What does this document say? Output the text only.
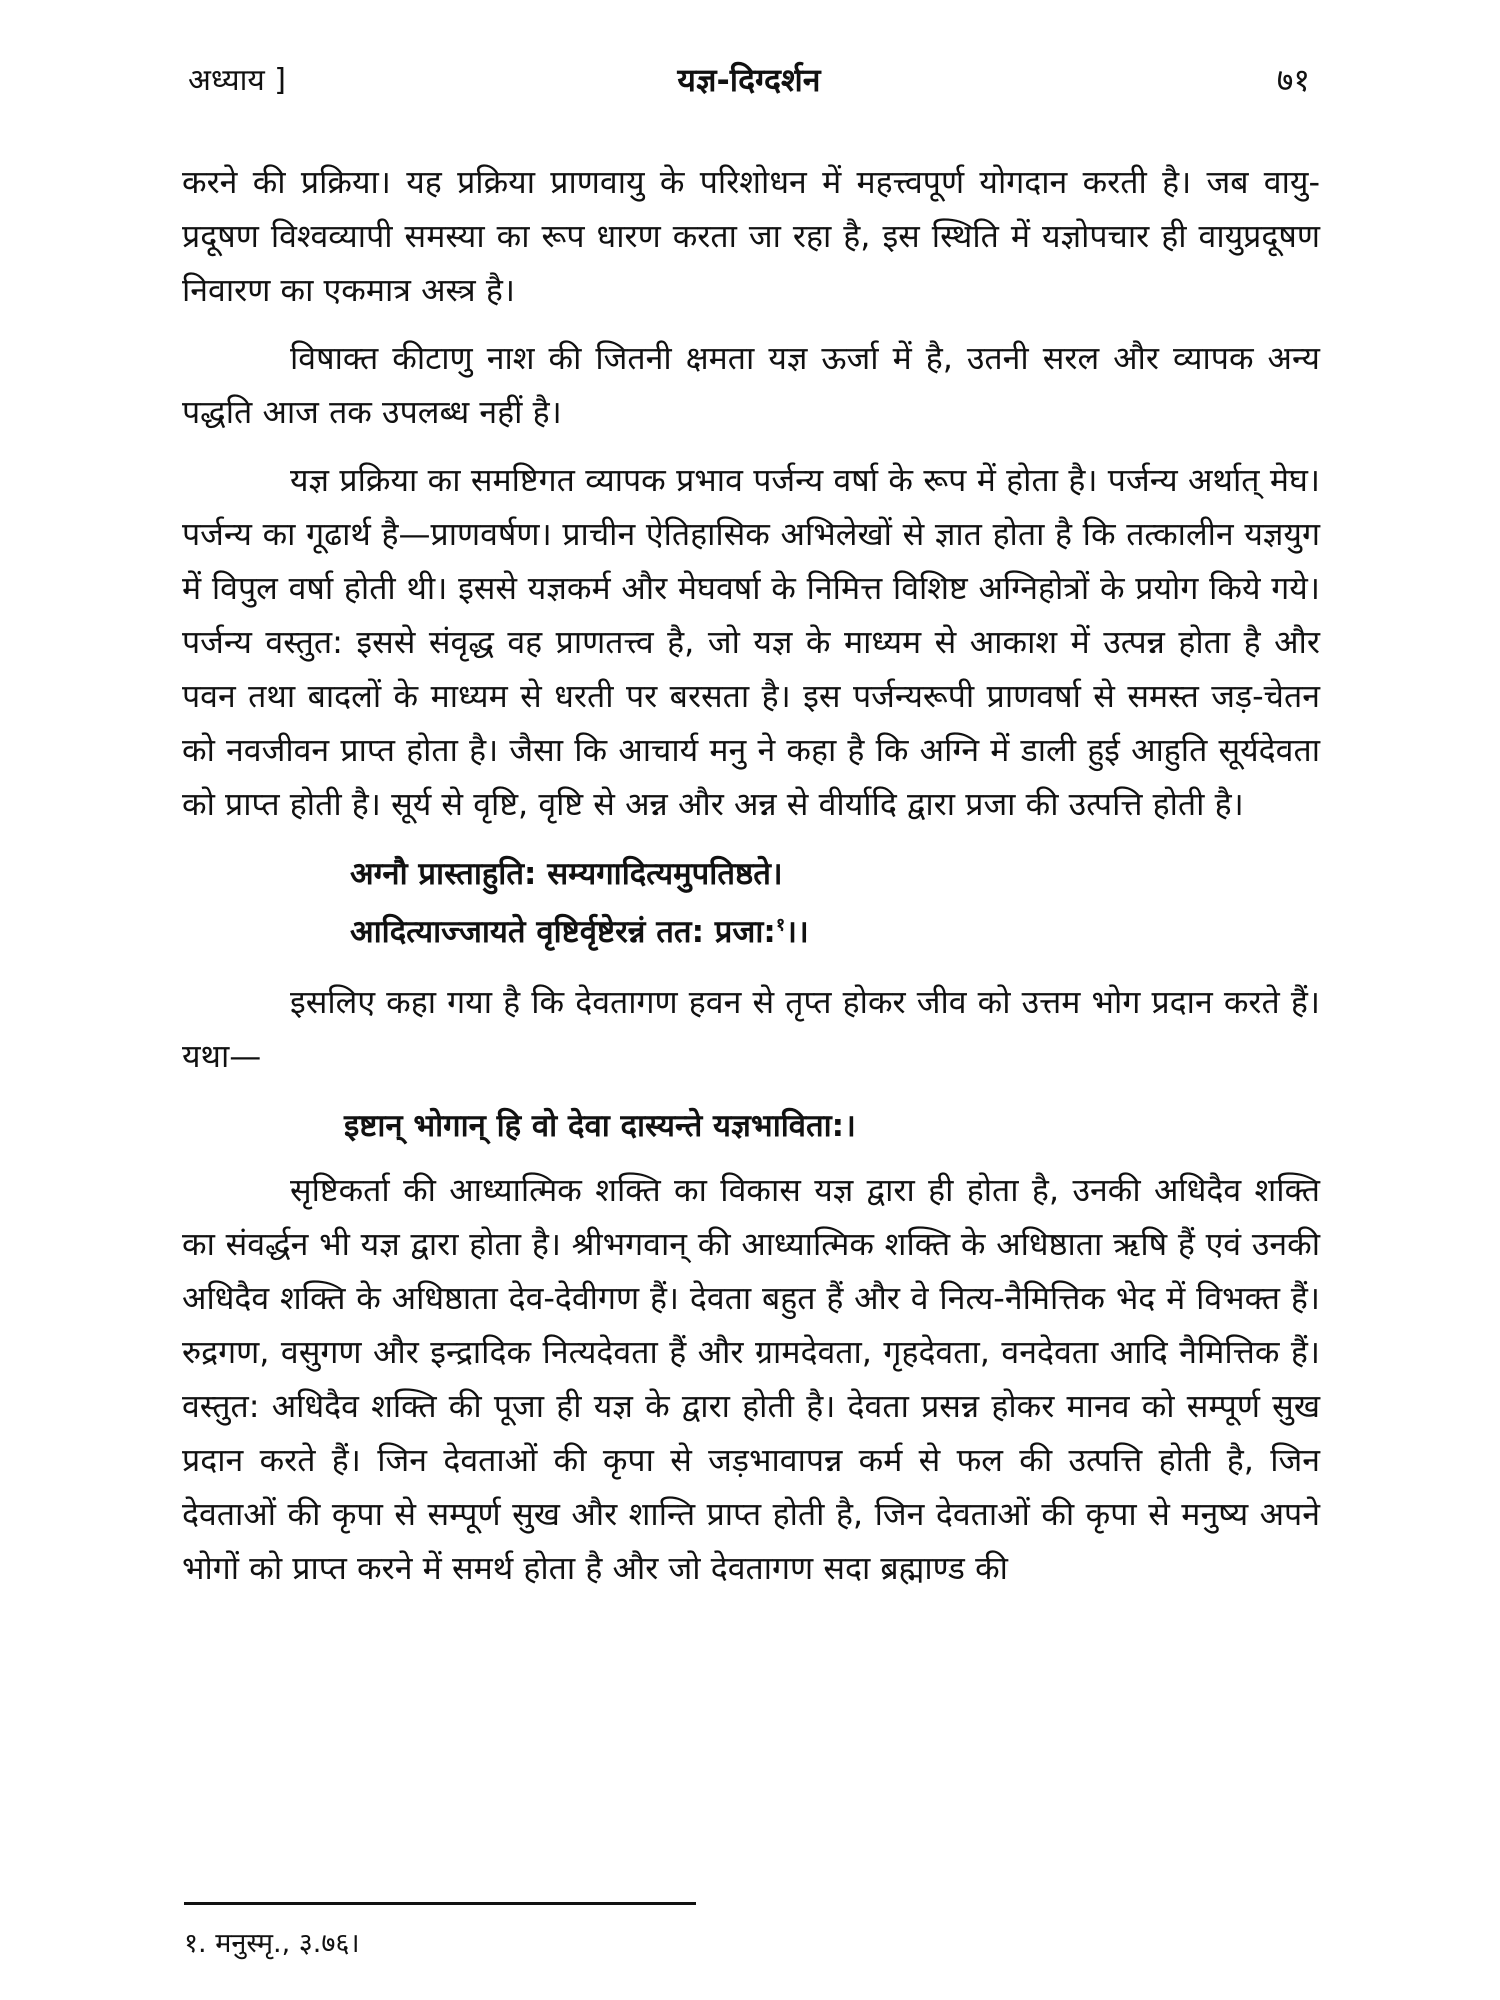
अध्याय ]	यज्ञ-दिग्दर्शन	७१

करने की प्रक्रिया। यह प्रक्रिया प्राणवायु के परिशोधन में महत्त्वपूर्ण योगदान करती है। जब वायु-प्रदूषण विश्वव्यापी समस्या का रूप धारण करता जा रहा है, इस स्थिति में यज्ञोपचार ही वायुप्रदूषण निवारण का एकमात्र अस्त्र है।

विषाक्त कीटाणु नाश की जितनी क्षमता यज्ञ ऊर्जा में है, उतनी सरल और व्यापक अन्य पद्धति आज तक उपलब्ध नहीं है।

यज्ञ प्रक्रिया का समष्टिगत व्यापक प्रभाव पर्जन्य वर्षा के रूप में होता है। पर्जन्य अर्थात् मेघ। पर्जन्य का गूढार्थ है—प्राणवर्षण। प्राचीन ऐतिहासिक अभिलेखों से ज्ञात होता है कि तत्कालीन यज्ञयुग में विपुल वर्षा होती थी। इससे यज्ञकर्म और मेघवर्षा के निमित्त विशिष्ट अग्निहोत्रों के प्रयोग किये गये। पर्जन्य वस्तुत: इससे संवृद्ध वह प्राणतत्त्व है, जो यज्ञ के माध्यम से आकाश में उत्पन्न होता है और पवन तथा बादलों के माध्यम से धरती पर बरसता है। इस पर्जन्यरूपी प्राणवर्षा से समस्त जड़-चेतन को नवजीवन प्राप्त होता है। जैसा कि आचार्य मनु ने कहा है कि अग्नि में डाली हुई आहुति सूर्यदेवता को प्राप्त होती है। सूर्य से वृष्टि, वृष्टि से अन्न और अन्न से वीर्यादि द्वारा प्रजा की उत्पत्ति होती है।

अग्नौ प्रास्ताहुति: सम्यगादित्यमुपतिष्ठते।
आदित्याज्जायते वृष्टिर्वृष्टेरन्नं तत: प्रजा:$^१$।।

इसलिए कहा गया है कि देवतागण हवन से तृप्त होकर जीव को उत्तम भोग प्रदान करते हैं। यथा—

इष्टान् भोगान् हि वो देवा दास्यन्ते यज्ञभाविता:।

सृष्टिकर्ता की आध्यात्मिक शक्ति का विकास यज्ञ द्वारा ही होता है, उनकी अधिदैव शक्ति का संवर्द्धन भी यज्ञ द्वारा होता है। श्रीभगवान् की आध्यात्मिक शक्ति के अधिष्ठाता ऋषि हैं एवं उनकी अधिदैव शक्ति के अधिष्ठाता देव-देवीगण हैं। देवता बहुत हैं और वे नित्य-नैमित्तिक भेद में विभक्त हैं। रुद्रगण, वसुगण और इन्द्रादिक नित्यदेवता हैं और ग्रामदेवता, गृहदेवता, वनदेवता आदि नैमित्तिक हैं। वस्तुत: अधिदैव शक्ति की पूजा ही यज्ञ के द्वारा होती है। देवता प्रसन्न होकर मानव को सम्पूर्ण सुख प्रदान करते हैं। जिन देवताओं की कृपा से जड़भावापन्न कर्म से फल की उत्पत्ति होती है, जिन देवताओं की कृपा से सम्पूर्ण सुख और शान्ति प्राप्त होती है, जिन देवताओं की कृपा से मनुष्य अपने भोगों को प्राप्त करने में समर्थ होता है और जो देवतागण सदा ब्रह्माण्ड की

१. मनुस्मृ., ३.७६।
